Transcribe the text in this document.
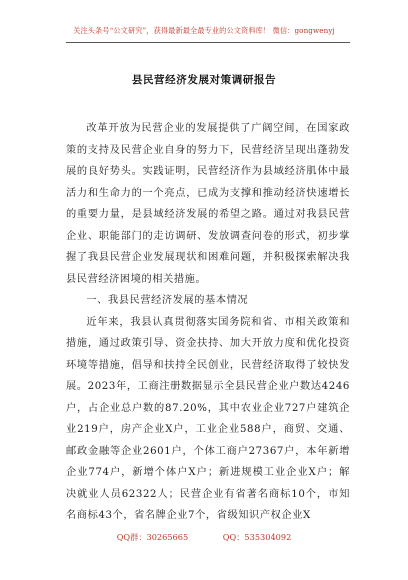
关注头条号“公文研究”，获得最新最全最专业的公文资料库！ 微信：gongwenyj
县民营经济发展对策调研报告

改革开放为民营企业的发展提供了广阔空间，在国家政策的支持及民营企业自身的努力下，民营经济呈现出蓬勃发展的良好势头。实践证明，民营经济作为县域经济肌体中最活力和生命力的一个亮点，已成为支撑和推动经济快速增长的重要力量，是县域经济发展的希望之路。通过对我县民营企业、职能部门的走访调研、发放调查问卷的形式，初步掌握了我县民营企业发展现状和困难问题，并积极探索解决我县民营经济困境的相关措施。

一、我县民营经济发展的基本情况

近年来，我县认真贯彻落实国务院和省、市相关政策和措施，通过政策引导、资金扶持、加大开放力度和优化投资环境等措施，倡导和扶持全民创业，民营经济取得了较快发展。2023年，工商注册数据显示全县民营企业户数达4246户，占企业总户数的87.20%，其中农业企业727户建筑企业219户，房产企业X户，工业企业588户，商贸、交通、邮政金融等企业2601户，个体工商户27367户，本年新增企业774户，新增个体户X户；新进规模工业企业X户；解决就业人员62322人；民营企业有省著名商标10个，市知名商标43个，省名牌企业7个，省级知识产权企业X

QQ群：30265665	QQ：535304092
